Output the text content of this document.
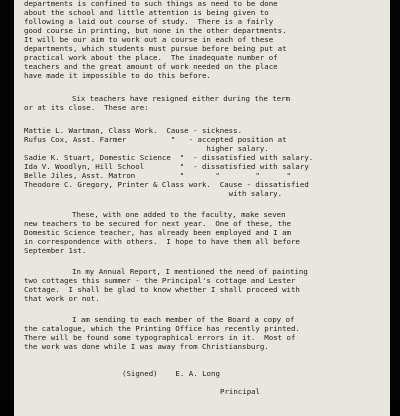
departments is confined to such things as need to be done
about the school and little attention is being given to
following a laid out course of study.  There is a fairly
good course in printing, but none in the other departments.
It will be our aim to work out a course in each of these
departments, which students must pursue before being put at
practical work about the place.  The inadequate number of
teachers and the great amount of work needed on the place
have made it impossible to do this before.
Six teachers have resigned either during the term
or at its close.  These are:
Mattie L. Wartman, Class Work.  Cause - sickness.
Rufus Cox, Asst. Farmer          "   - accepted position at
higher salary.
Sadie K. Stuart, Domestic Science  "  - dissatisfied with salary.
Ida V. Woodlyn, Hill School        "  - dissatisfied with salary
Belle Jiles, Asst. Matron          "       "        "      "
Theodore C. Gregory, Printer & Class work.  Cause - dissatisfied
with salary.
These, with one added to the faculty, make seven
new teachers to be secured for next year.  One of these, the
Domestic Science teacher, has already been employed and I am
in correspondence with others.  I hope to have them all before
September 1st.
In my Annual Report, I mentioned the need of painting
two cottages this summer - the Principal's cottage and Lester
Cottage.  I shall be glad to know whether I shall proceed with
that work or not.
I am sending to each member of the Board a copy of
the catalogue, which the Printing Office has recently printed.
There will be found some typographical errors in it.  Most of
the work was done while I was away from Christiansburg.
(Signed)    E. A. Long
Principal
